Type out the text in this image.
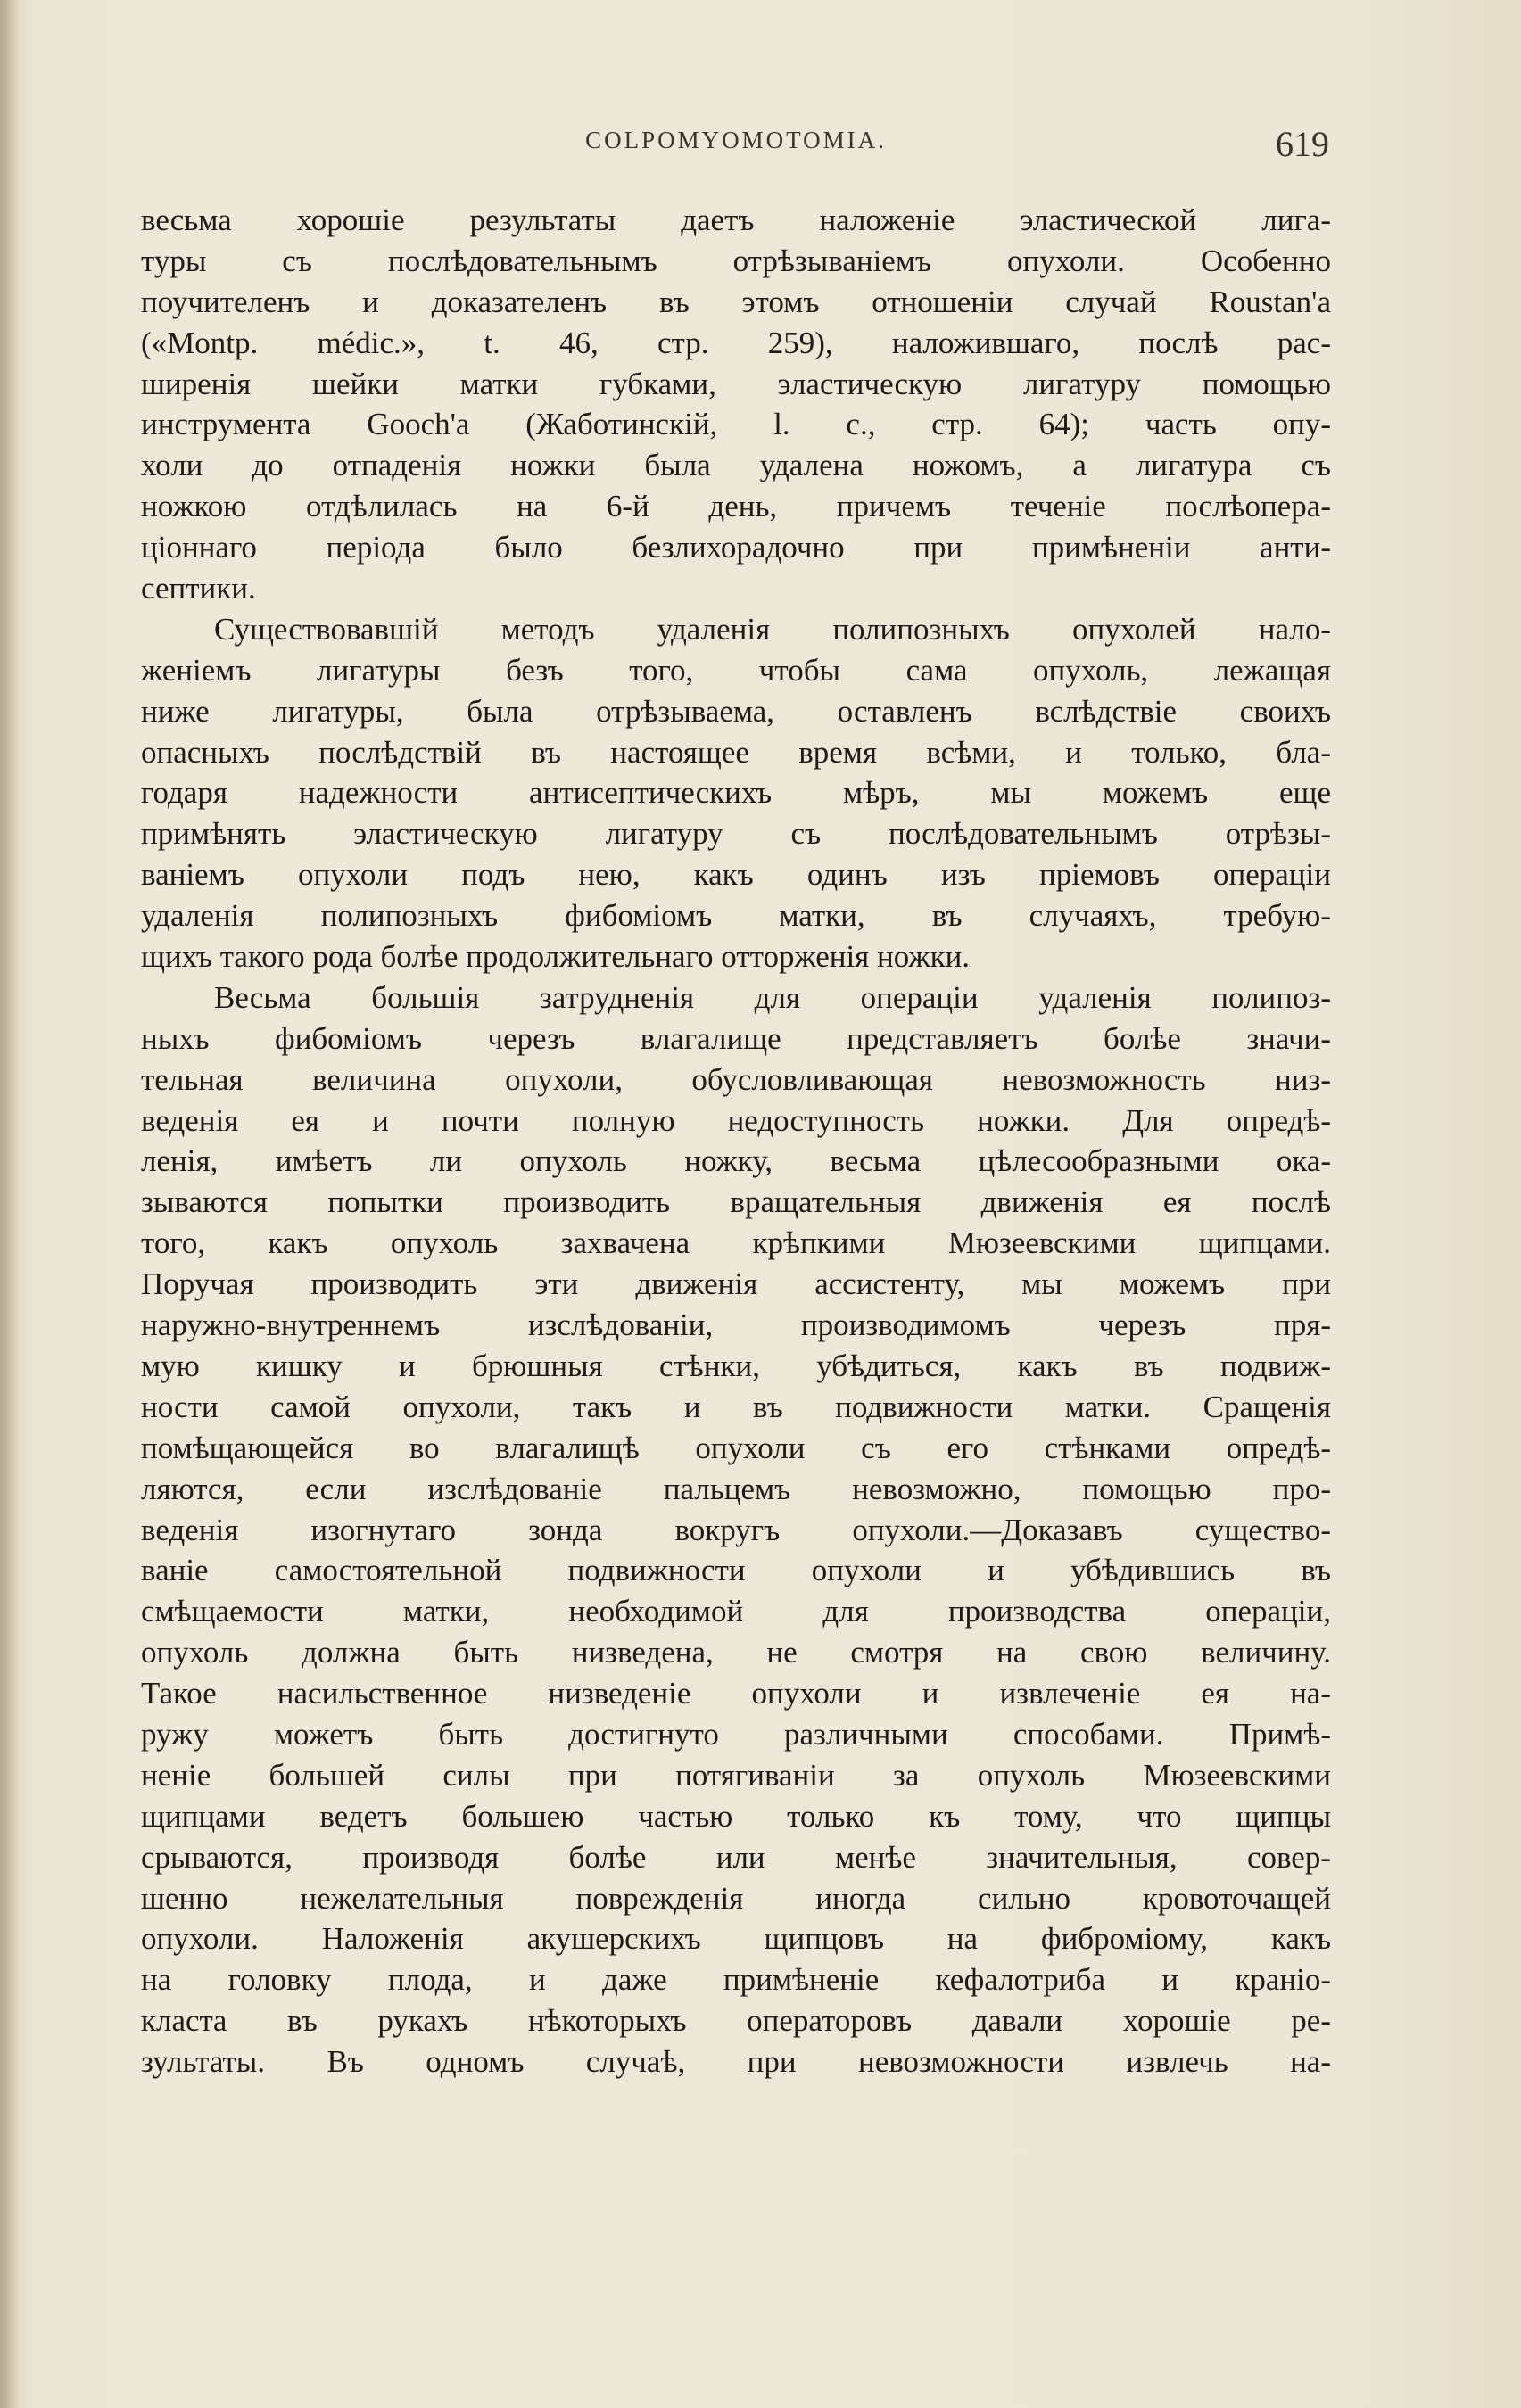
COLPOMYOMOTOMIA.	619
весьма хорошіе результаты даетъ наложеніе эластической лига-
туры съ послѣдовательнымъ отрѣзываніемъ опухоли. Особенно
поучителенъ и доказателенъ въ этомъ отношеніи случай Roustan'а
(«Montp. médic.», t. 46, стр. 259), наложившаго, послѣ рас-
ширенія шейки матки губками, эластическую лигатуру помощью
инструмента Gooch'а (Жаботинскій, l. c., стр. 64); часть опу-
холи до отпаденія ножки была удалена ножомъ, а лигатура съ
ножкою отдѣлилась на 6-й день, причемъ теченіе послѣопера-
ціоннаго періода было безлихорадочно при примѣненіи анти-
септики.
Существовавшій методъ удаленія полипозныхъ опухолей нало-
женіемъ лигатуры безъ того, чтобы сама опухоль, лежащая
ниже лигатуры, была отрѣзываема, оставленъ вслѣдствіе своихъ
опасныхъ послѣдствій въ настоящее время всѣми, и только, бла-
годаря надежности антисептическихъ мѣръ, мы можемъ еще
примѣнять эластическую лигатуру съ послѣдовательнымъ отрѣзы-
ваніемъ опухоли подъ нею, какъ одинъ изъ пріемовъ операціи
удаленія полипозныхъ фибоміомъ матки, въ случаяхъ, требую-
щихъ такого рода болѣе продолжительнаго отторженія ножки.
Весьма большія затрудненія для операціи удаленія полипоз-
ныхъ фибоміомъ черезъ влагалище представляетъ болѣе значи-
тельная величина опухоли, обусловливающая невозможность низ-
веденія ея и почти полную недоступность ножки. Для опредѣ-
ленія, имѣетъ ли опухоль ножку, весьма цѣлесообразными ока-
зываются попытки производить вращательныя движенія ея послѣ
того, какъ опухоль захвачена крѣпкими Мюзеевскими щипцами.
Поручая производить эти движенія ассистенту, мы можемъ при
наружно-внутреннемъ изслѣдованіи, производимомъ черезъ пря-
мую кишку и брюшныя стѣнки, убѣдиться, какъ въ подвиж-
ности самой опухоли, такъ и въ подвижности матки. Сращенія
помѣщающейся во влагалищѣ опухоли съ его стѣнками опредѣ-
ляются, если изслѣдованіе пальцемъ невозможно, помощью про-
веденія изогнутаго зонда вокругъ опухоли.—Доказавъ существо-
ваніе самостоятельной подвижности опухоли и убѣдившись въ
смѣщаемости матки, необходимой для производства операціи,
опухоль должна быть низведена, не смотря на свою величину.
Такое насильственное низведеніе опухоли и извлеченіе ея на-
ружу можетъ быть достигнуто различными способами. Примѣ-
неніе большей силы при потягиваніи за опухоль Мюзеевскими
щипцами ведетъ большею частью только къ тому, что щипцы
срываются, производя болѣе или менѣе значительныя, совер-
шенно нежелательныя поврежденія иногда сильно кровоточащей
опухоли. Наложенія акушерскихъ щипцовъ на фиброміому, какъ
на головку плода, и даже примѣненіе кефалотриба и краніо-
кластa въ рукахъ нѣкоторыхъ операторовъ давали хорошіе ре-
зультаты. Въ одномъ случаѣ, при невозможности извлечь на-
